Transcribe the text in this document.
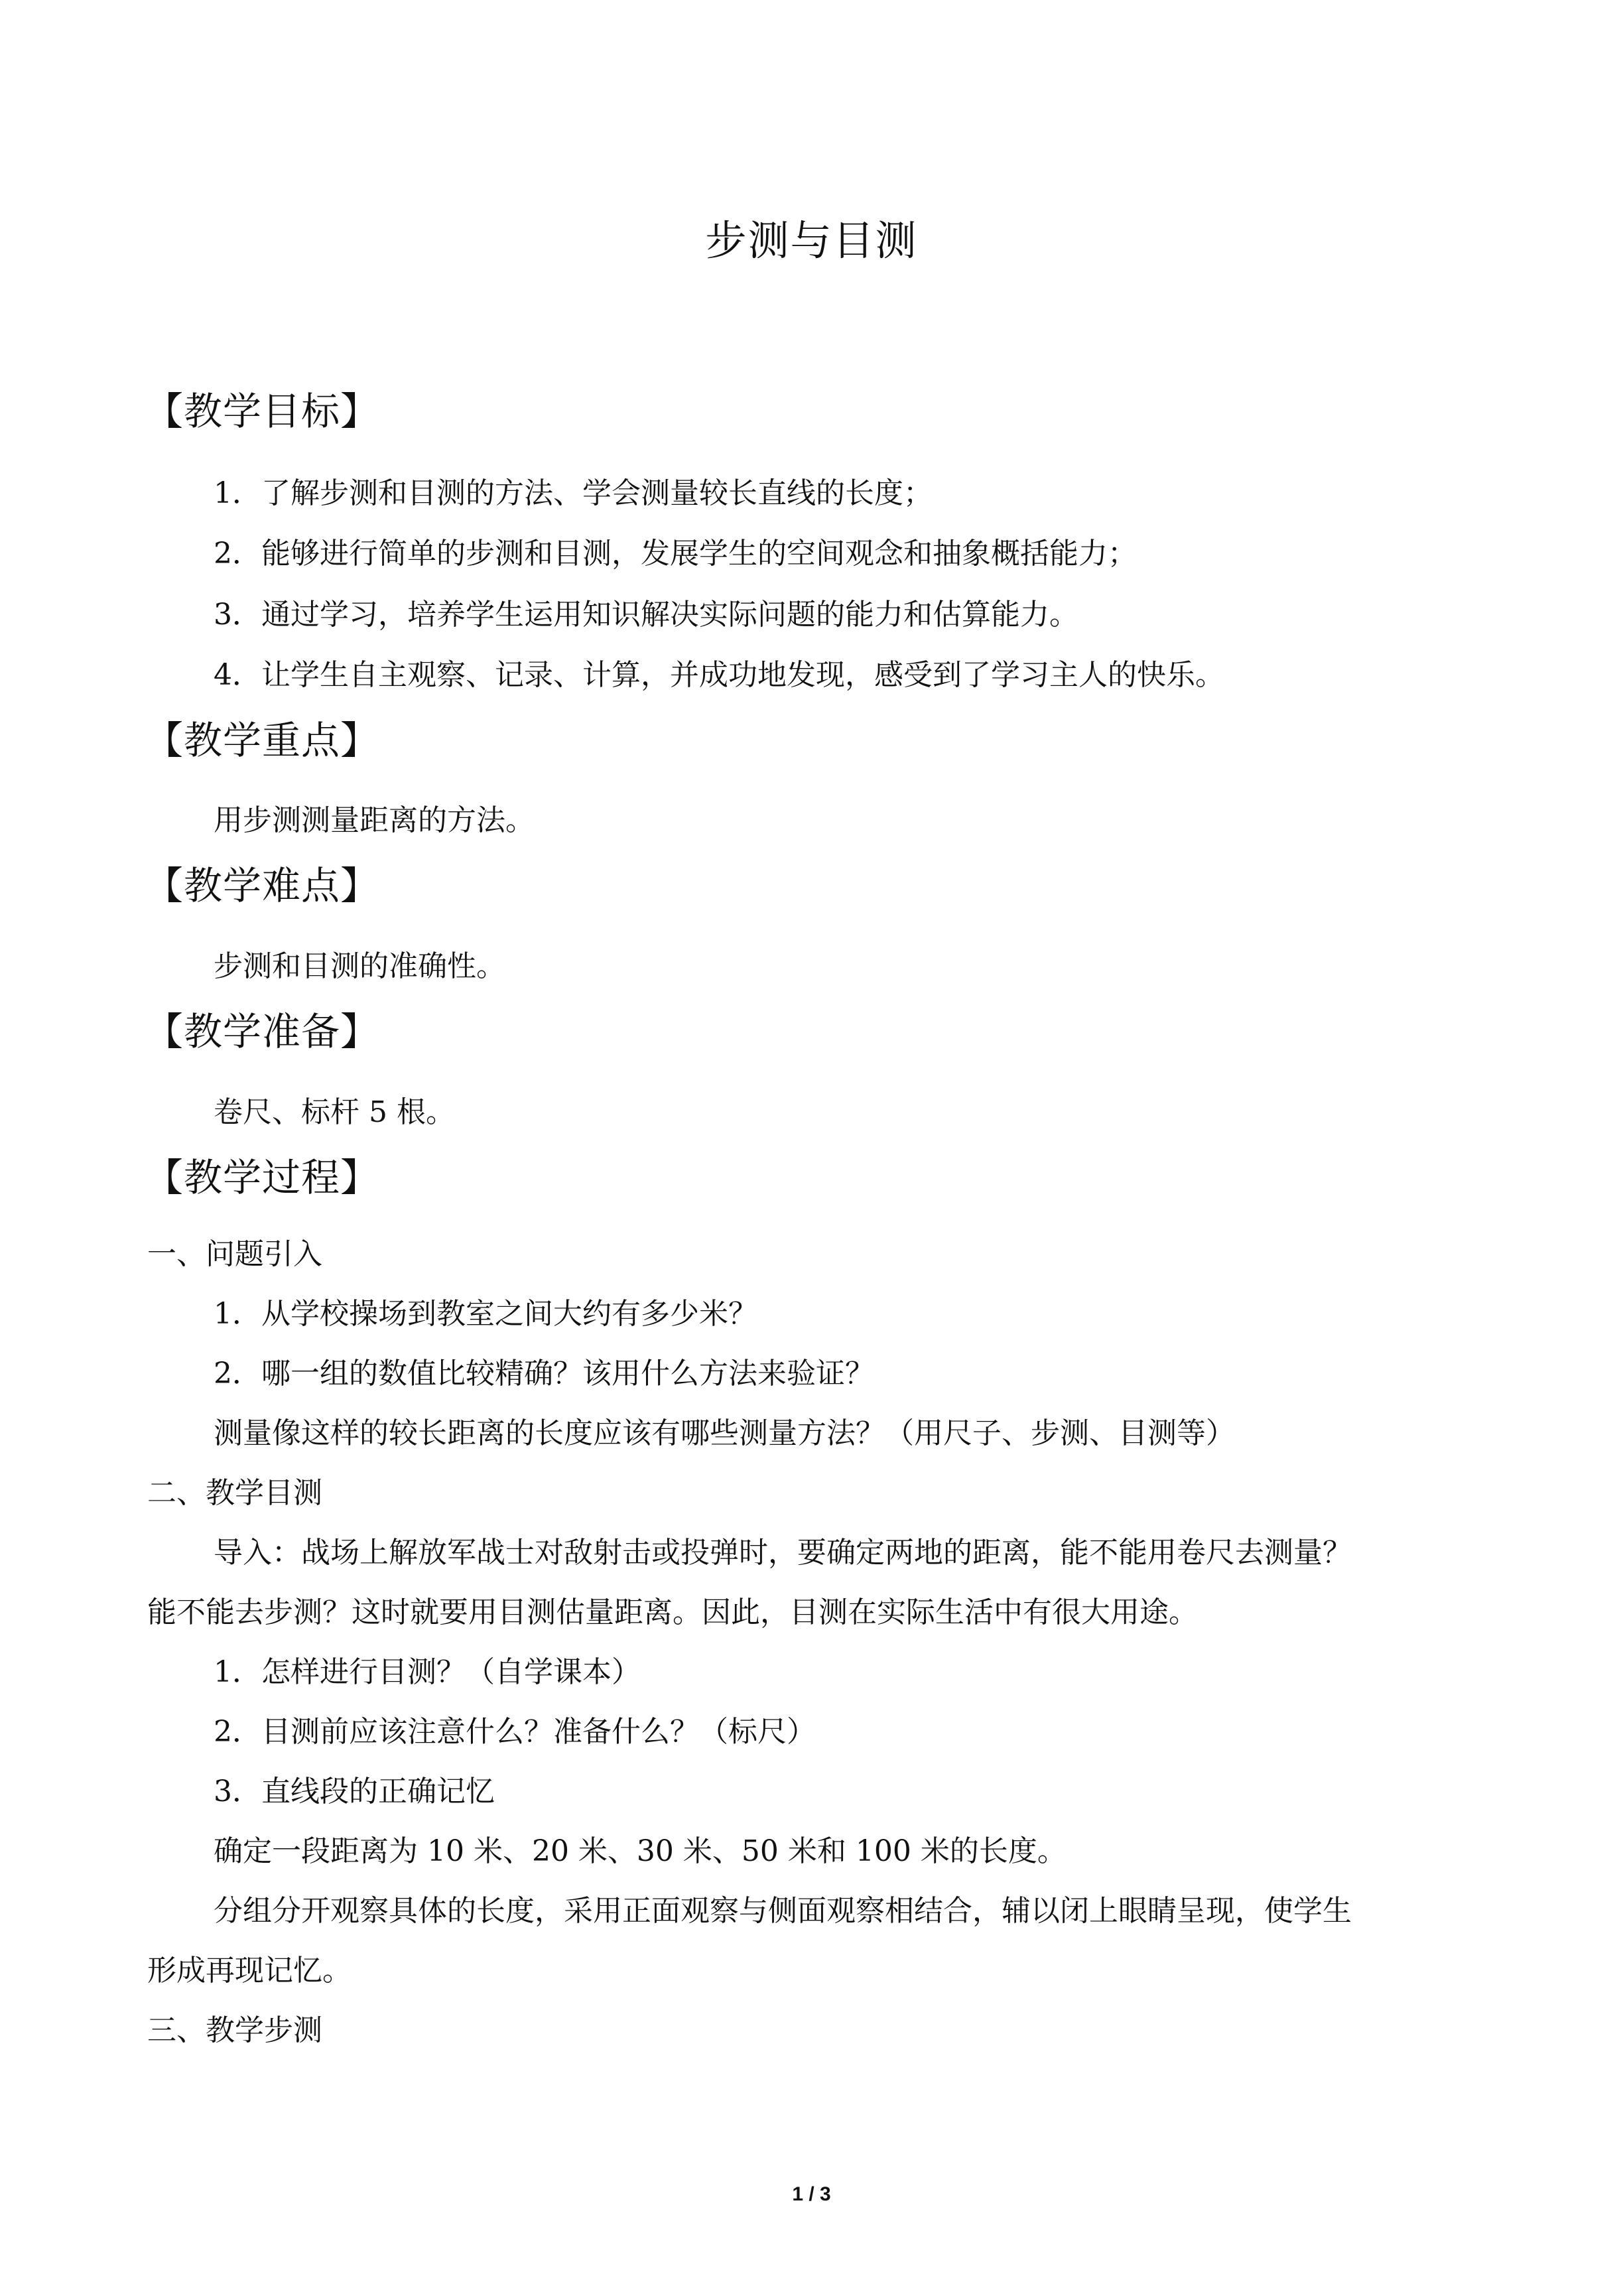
步测与目测
【教学目标】
1．了解步测和目测的方法、学会测量较长直线的长度；
2．能够进行简单的步测和目测，发展学生的空间观念和抽象概括能力；
3．通过学习，培养学生运用知识解决实际问题的能力和估算能力。
4．让学生自主观察、记录、计算，并成功地发现，感受到了学习主人的快乐。
【教学重点】
用步测测量距离的方法。
【教学难点】
步测和目测的准确性。
【教学准备】
卷尺、标杆 5 根。
【教学过程】
一、问题引入
1．从学校操场到教室之间大约有多少米？
2．哪一组的数值比较精确？该用什么方法来验证？
测量像这样的较长距离的长度应该有哪些测量方法？（用尺子、步测、目测等）
二、教学目测
导入：战场上解放军战士对敌射击或投弹时，要确定两地的距离，能不能用卷尺去测量？
能不能去步测？这时就要用目测估量距离。因此，目测在实际生活中有很大用途。
1．怎样进行目测？（自学课本）
2．目测前应该注意什么？准备什么？（标尺）
3．直线段的正确记忆
确定一段距离为 10 米、20 米、30 米、50 米和 100 米的长度。
分组分开观察具体的长度，采用正面观察与侧面观察相结合，辅以闭上眼睛呈现，使学生
形成再现记忆。
三、教学步测
1 / 3
